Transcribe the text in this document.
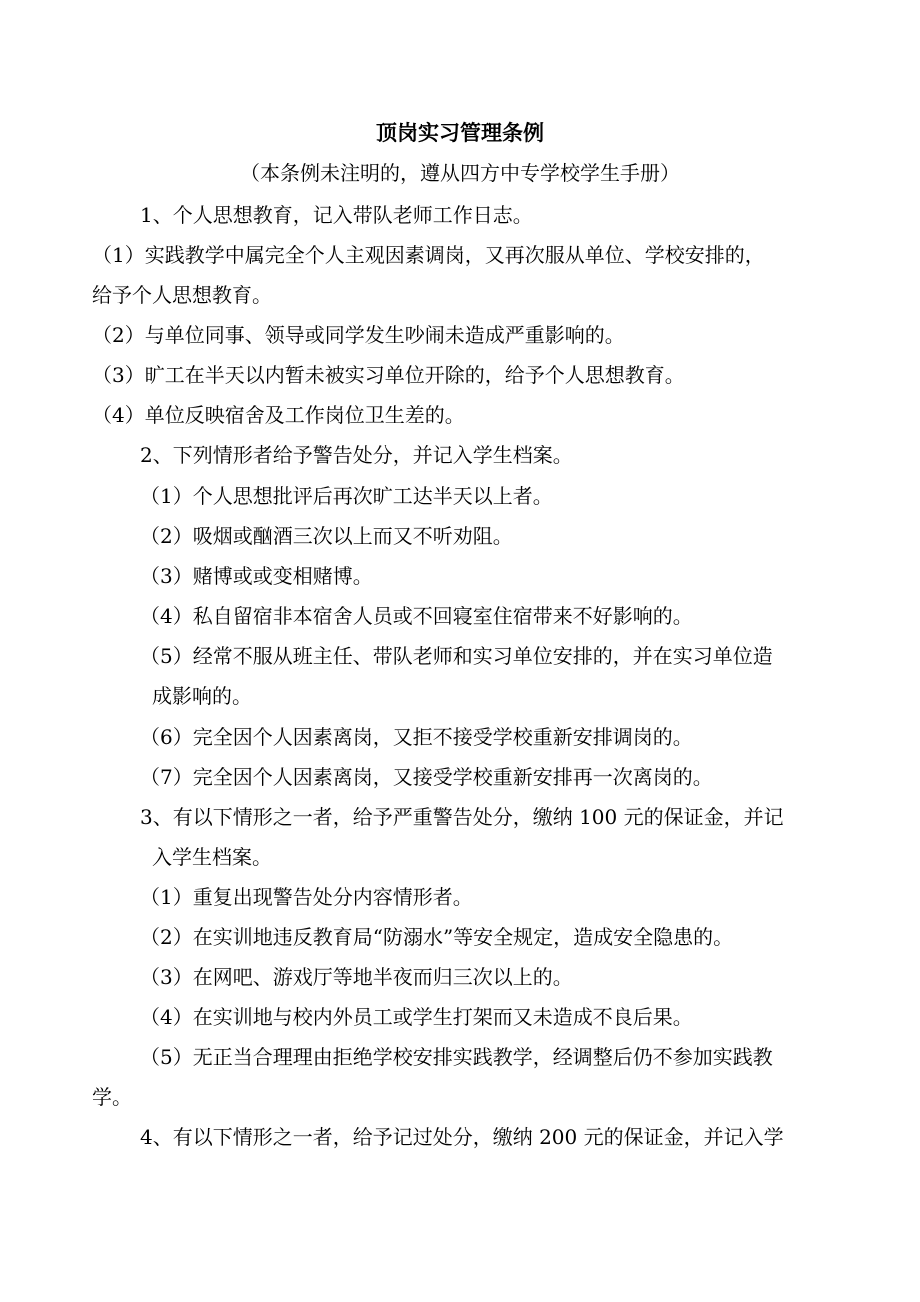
顶岗实习管理条例
（本条例未注明的，遵从四方中专学校学生手册）
1、个人思想教育，记入带队老师工作日志。
（1）实践教学中属完全个人主观因素调岗，又再次服从单位、学校安排的，
给予个人思想教育。
（2）与单位同事、领导或同学发生吵闹未造成严重影响的。
（3）旷工在半天以内暂未被实习单位开除的，给予个人思想教育。
（4）单位反映宿舍及工作岗位卫生差的。
2、下列情形者给予警告处分，并记入学生档案。
（1）个人思想批评后再次旷工达半天以上者。
（2）吸烟或酗酒三次以上而又不听劝阻。
（3）赌博或或变相赌博。
（4）私自留宿非本宿舍人员或不回寝室住宿带来不好影响的。
（5）经常不服从班主任、带队老师和实习单位安排的，并在实习单位造
成影响的。
（6）完全因个人因素离岗，又拒不接受学校重新安排调岗的。
（7）完全因个人因素离岗，又接受学校重新安排再一次离岗的。
3、有以下情形之一者，给予严重警告处分，缴纳 100 元的保证金，并记
入学生档案。
（1）重复出现警告处分内容情形者。
（2）在实训地违反教育局“防溺水”等安全规定，造成安全隐患的。
（3）在网吧、游戏厅等地半夜而归三次以上的。
（4）在实训地与校内外员工或学生打架而又未造成不良后果。
（5）无正当合理理由拒绝学校安排实践教学，经调整后仍不参加实践教
学。
4、有以下情形之一者，给予记过处分，缴纳 200 元的保证金，并记入学
